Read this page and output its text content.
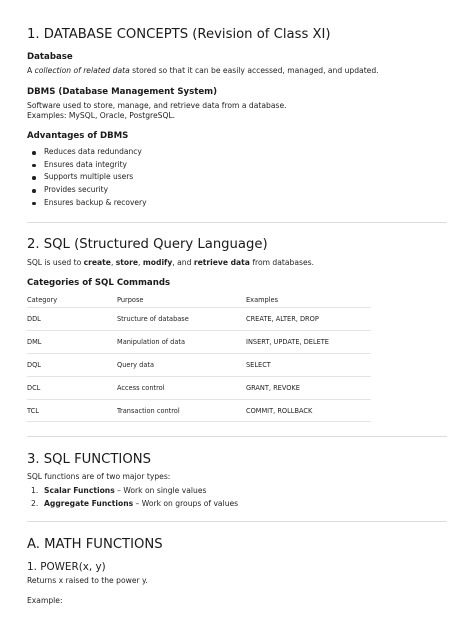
1. DATABASE CONCEPTS (Revision of Class XI)
Database

A collection of related data stored so that it can be easily accessed, managed, and updated.

DBMS (Database Management System)

Software used to store, manage, and retrieve data from a database.

Examples: MySQL, Oracle, PostgreSQL.

Advantages of DBMS
Reduces data redundancy
Ensures data integrity
Supports multiple users
Provides security
Ensures backup & recovery
2. SQL (Structured Query Language)

SQL is used to create, store, modify, and retrieve data from databases.

Categories of SQL Commands
Category	Purpose	Examples
DDL	Structure of database	CREATE, ALTER, DROP
DML	Manipulation of data	INSERT, UPDATE, DELETE
DQL	Query data	SELECT
DCL	Access control	GRANT, REVOKE
TCL	Transaction control	COMMIT, ROLLBACK
3. SQL FUNCTIONS

SQL functions are of two major types:

1. Scalar Functions – Work on single values
2. Aggregate Functions – Work on groups of values
A. MATH FUNCTIONS
1. POWER(x, y)

Returns x raised to the power y.

Example:
